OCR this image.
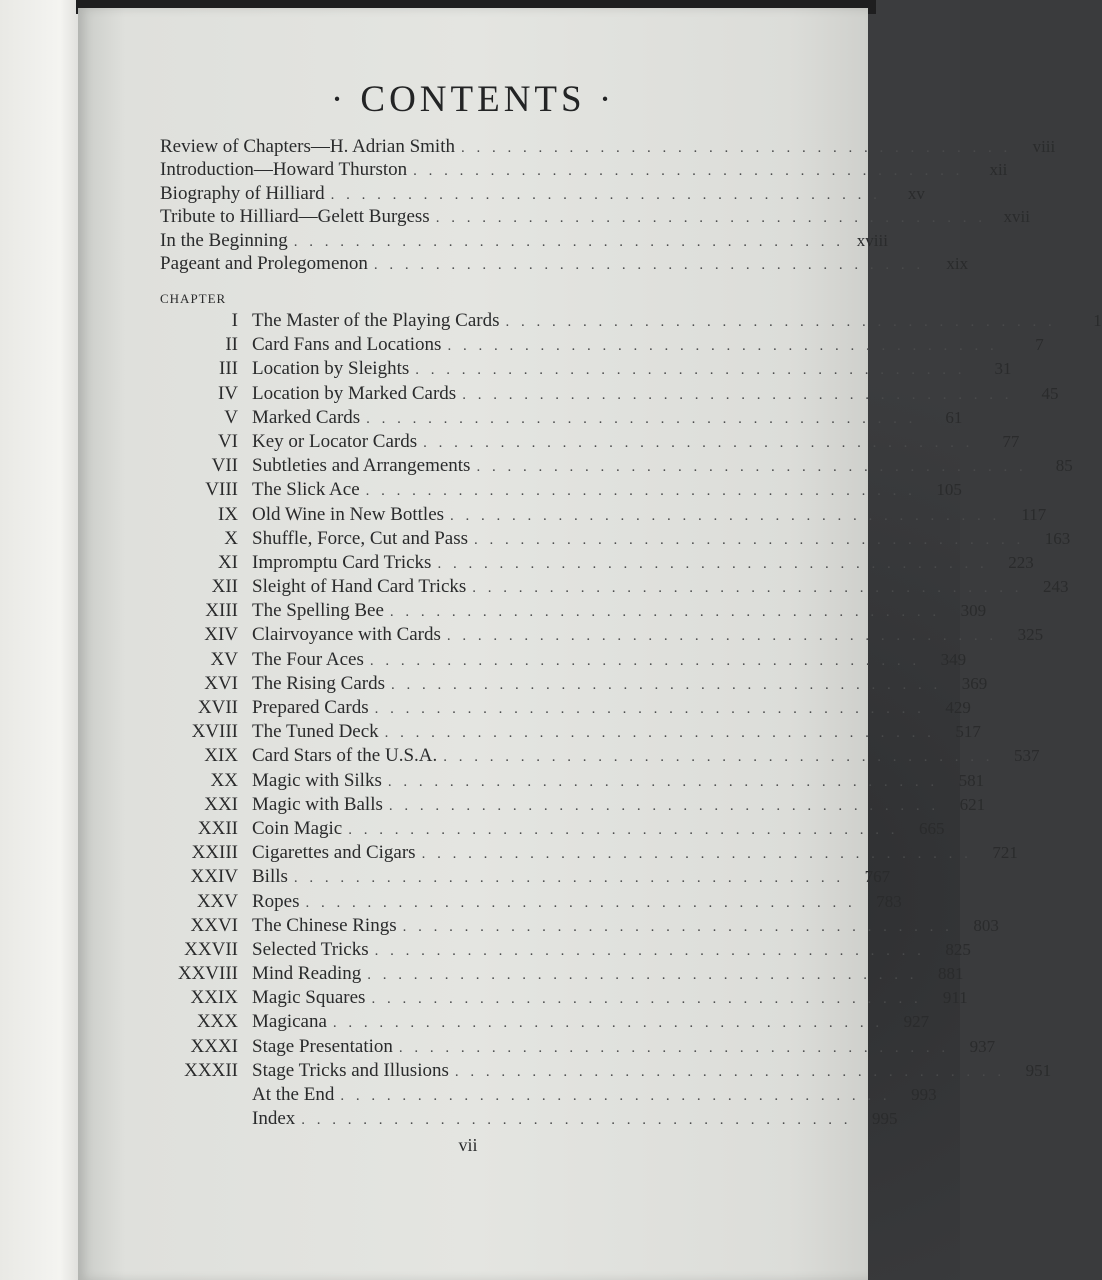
· CONTENTS ·
Review of Chapters—H. Adrian Smith . . . . . . . . . . . . . . . . . . . . . . . . . . . . . . . . . . . .	viii
Introduction—Howard Thurston . . . . . . . . . . . . . . . . . . . . . . . . . . . . . . . . . . . .	xii
Biography of Hilliard . . . . . . . . . . . . . . . . . . . . . . . . . . . . . . . . . . . .	xv
Tribute to Hilliard—Gelett Burgess . . . . . . . . . . . . . . . . . . . . . . . . . . . . . . . . . . . .	xvii
In the Beginning . . . . . . . . . . . . . . . . . . . . . . . . . . . . . . . . . . . . xviii
Pageant and Prolegomenon . . . . . . . . . . . . . . . . . . . . . . . . . . . . . . . . . . . .	xix
CHAPTER
I The Master of the Playing Cards . . . . . . . . . . . . . . . . . . . . . . . . . . . . . . . . . . . .	1
II Card Fans and Locations . . . . . . . . . . . . . . . . . . . . . . . . . . . . . . . . . . . .	7
III Location by Sleights . . . . . . . . . . . . . . . . . . . . . . . . . . . . . . . . . . . .	31
IV Location by Marked Cards . . . . . . . . . . . . . . . . . . . . . . . . . . . . . . . . . . . .	45
V Marked Cards . . . . . . . . . . . . . . . . . . . . . . . . . . . . . . . . . . . .	61
VI Key or Locator Cards . . . . . . . . . . . . . . . . . . . . . . . . . . . . . . . . . . . .	77
VII Subtleties and Arrangements . . . . . . . . . . . . . . . . . . . . . . . . . . . . . . . . . . . .	85
VIII The Slick Ace . . . . . . . . . . . . . . . . . . . . . . . . . . . . . . . . . . . .	105
IX Old Wine in New Bottles . . . . . . . . . . . . . . . . . . . . . . . . . . . . . . . . . . . .	117
X Shuffle, Force, Cut and Pass . . . . . . . . . . . . . . . . . . . . . . . . . . . . . . . . . . . .	163
XI Impromptu Card Tricks . . . . . . . . . . . . . . . . . . . . . . . . . . . . . . . . . . . .	223
XII Sleight of Hand Card Tricks . . . . . . . . . . . . . . . . . . . . . . . . . . . . . . . . . . . .	243
XIII The Spelling Bee . . . . . . . . . . . . . . . . . . . . . . . . . . . . . . . . . . . .	309
XIV Clairvoyance with Cards . . . . . . . . . . . . . . . . . . . . . . . . . . . . . . . . . . . .	325
XV The Four Aces . . . . . . . . . . . . . . . . . . . . . . . . . . . . . . . . . . . .	349
XVI The Rising Cards . . . . . . . . . . . . . . . . . . . . . . . . . . . . . . . . . . . .	369
XVII Prepared Cards . . . . . . . . . . . . . . . . . . . . . . . . . . . . . . . . . . . .	429
XVIII The Tuned Deck . . . . . . . . . . . . . . . . . . . . . . . . . . . . . . . . . . . .	517
XIX Card Stars of the U.S.A. . . . . . . . . . . . . . . . . . . . . . . . . . . . . . . . . . . . .	537
XX Magic with Silks . . . . . . . . . . . . . . . . . . . . . . . . . . . . . . . . . . . .	581
XXI Magic with Balls . . . . . . . . . . . . . . . . . . . . . . . . . . . . . . . . . . . .	621
XXII Coin Magic . . . . . . . . . . . . . . . . . . . . . . . . . . . . . . . . . . . .	665
XXIII Cigarettes and Cigars . . . . . . . . . . . . . . . . . . . . . . . . . . . . . . . . . . . .	721
XXIV Bills . . . . . . . . . . . . . . . . . . . . . . . . . . . . . . . . . . . .	767
XXV Ropes . . . . . . . . . . . . . . . . . . . . . . . . . . . . . . . . . . . .	783
XXVI The Chinese Rings . . . . . . . . . . . . . . . . . . . . . . . . . . . . . . . . . . . .	803
XXVII Selected Tricks . . . . . . . . . . . . . . . . . . . . . . . . . . . . . . . . . . . .	825
XXVIII Mind Reading . . . . . . . . . . . . . . . . . . . . . . . . . . . . . . . . . . . .	881
XXIX Magic Squares . . . . . . . . . . . . . . . . . . . . . . . . . . . . . . . . . . . .	911
XXX Magicana . . . . . . . . . . . . . . . . . . . . . . . . . . . . . . . . . . . .	927
XXXI Stage Presentation . . . . . . . . . . . . . . . . . . . . . . . . . . . . . . . . . . . .	937
XXXII Stage Tricks and Illusions . . . . . . . . . . . . . . . . . . . . . . . . . . . . . . . . . . . .	951
At the End . . . . . . . . . . . . . . . . . . . . . . . . . . . . . . . . . . . .	993
Index . . . . . . . . . . . . . . . . . . . . . . . . . . . . . . . . . . . .	995
vii
